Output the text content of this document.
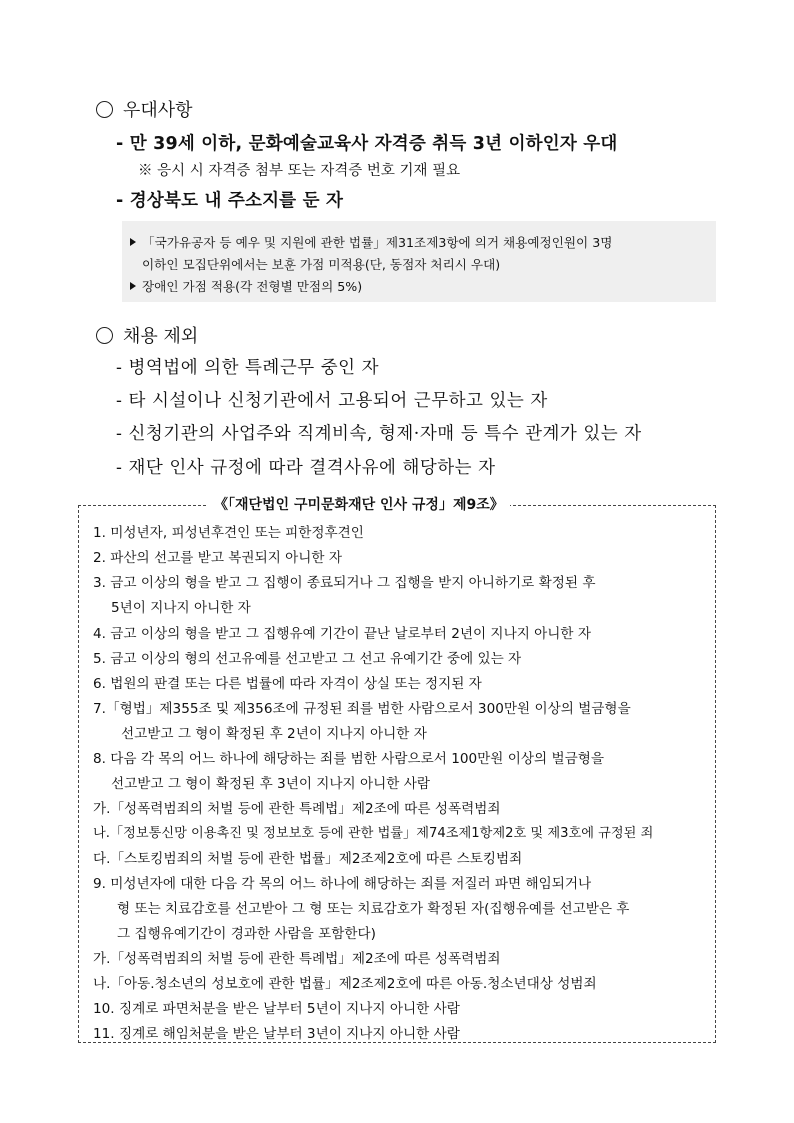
우대사항
- 만 39세 이하, 문화예술교육사 자격증 취득 3년 이하인자 우대
※ 응시 시 자격증 첨부 또는 자격증 번호 기재 필요
- 경상북도 내 주소지를 둔 자
「국가유공자 등 예우 및 지원에 관한 법률」제31조제3항에 의거 채용예정인원이 3명
이하인 모집단위에서는 보훈 가점 미적용(단, 동점자 처리시 우대)
장애인 가점 적용(각 전형별 만점의 5%)
채용 제외
- 병역법에 의한 특례근무 중인 자
- 타 시설이나 신청기관에서 고용되어 근무하고 있는 자
- 신청기관의 사업주와 직계비속, 형제·자매 등 특수 관계가 있는 자
- 재단 인사 규정에 따라 결격사유에 해당하는 자
《「재단법인 구미문화재단 인사 규정」제9조》
1. 미성년자, 피성년후견인 또는 피한정후견인
2. 파산의 선고를 받고 복권되지 아니한 자
3. 금고 이상의 형을 받고 그 집행이 종료되거나 그 집행을 받지 아니하기로 확정된 후
5년이 지나지 아니한 자
4. 금고 이상의 형을 받고 그 집행유예 기간이 끝난 날로부터 2년이 지나지 아니한 자
5. 금고 이상의 형의 선고유예를 선고받고 그 선고 유예기간 중에 있는 자
6. 법원의 판결 또는 다른 법률에 따라 자격이 상실 또는 정지된 자
7.「형법」제355조 및 제356조에 규정된 죄를 범한 사람으로서 300만원 이상의 벌금형을
선고받고 그 형이 확정된 후 2년이 지나지 아니한 자
8. 다음 각 목의 어느 하나에 해당하는 죄를 범한 사람으로서 100만원 이상의 벌금형을
선고받고 그 형이 확정된 후 3년이 지나지 아니한 사람
가.「성폭력범죄의 처벌 등에 관한 특례법」제2조에 따른 성폭력범죄
나.「정보통신망 이용촉진 및 정보보호 등에 관한 법률」제74조제1항제2호 및 제3호에 규정된 죄
다.「스토킹범죄의 처벌 등에 관한 법률」제2조제2호에 따른 스토킹범죄
9. 미성년자에 대한 다음 각 목의 어느 하나에 해당하는 죄를 저질러 파면 해임되거나
형 또는 치료감호를 선고받아 그 형 또는 치료감호가 확정된 자(집행유예를 선고받은 후
그 집행유예기간이 경과한 사람을 포함한다)
가.「성폭력범죄의 처벌 등에 관한 특례법」제2조에 따른 성폭력범죄
나.「아동.청소년의 성보호에 관한 법률」제2조제2호에 따른 아동.청소년대상 성범죄
10. 징계로 파면처분을 받은 날부터 5년이 지나지 아니한 사람
11. 징계로 해임처분을 받은 날부터 3년이 지나지 아니한 사람
